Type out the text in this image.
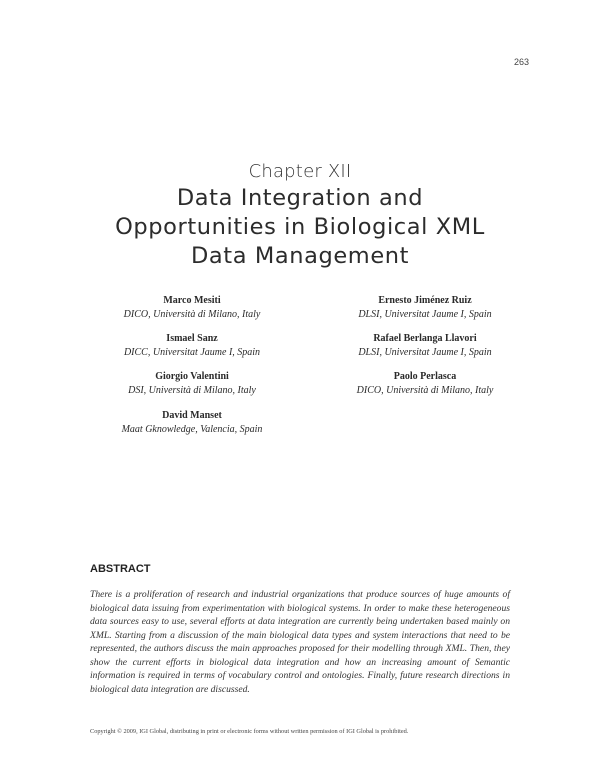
263
Chapter XII
Data Integration and
Opportunities in Biological XML
Data Management
Marco Mesiti
DICO, Università di Milano, Italy
Ismael Sanz
DICC, Universitat Jaume I, Spain
Giorgio Valentini
DSI, Università di Milano, Italy
David Manset
Maat Gknowledge, Valencia, Spain
Ernesto Jiménez Ruiz
DLSI, Universitat Jaume I, Spain
Rafael Berlanga Llavori
DLSI, Universitat Jaume I, Spain
Paolo Perlasca
DICO, Università di Milano, Italy
ABSTRACT
There is a proliferation of research and industrial organizations that produce sources of huge amounts of biological data issuing from experimentation with biological systems. In order to make these heterogeneous data sources easy to use, several efforts at data integration are currently being undertaken based mainly on XML. Starting from a discussion of the main biological data types and system interactions that need to be represented, the authors discuss the main approaches proposed for their modelling through XML. Then, they show the current efforts in biological data integration and how an increasing amount of Semantic information is required in terms of vocabulary control and ontologies. Finally, future research directions in biological data integration are discussed.
Copyright © 2009, IGI Global, distributing in print or electronic forms without written permission of IGI Global is prohibited.
